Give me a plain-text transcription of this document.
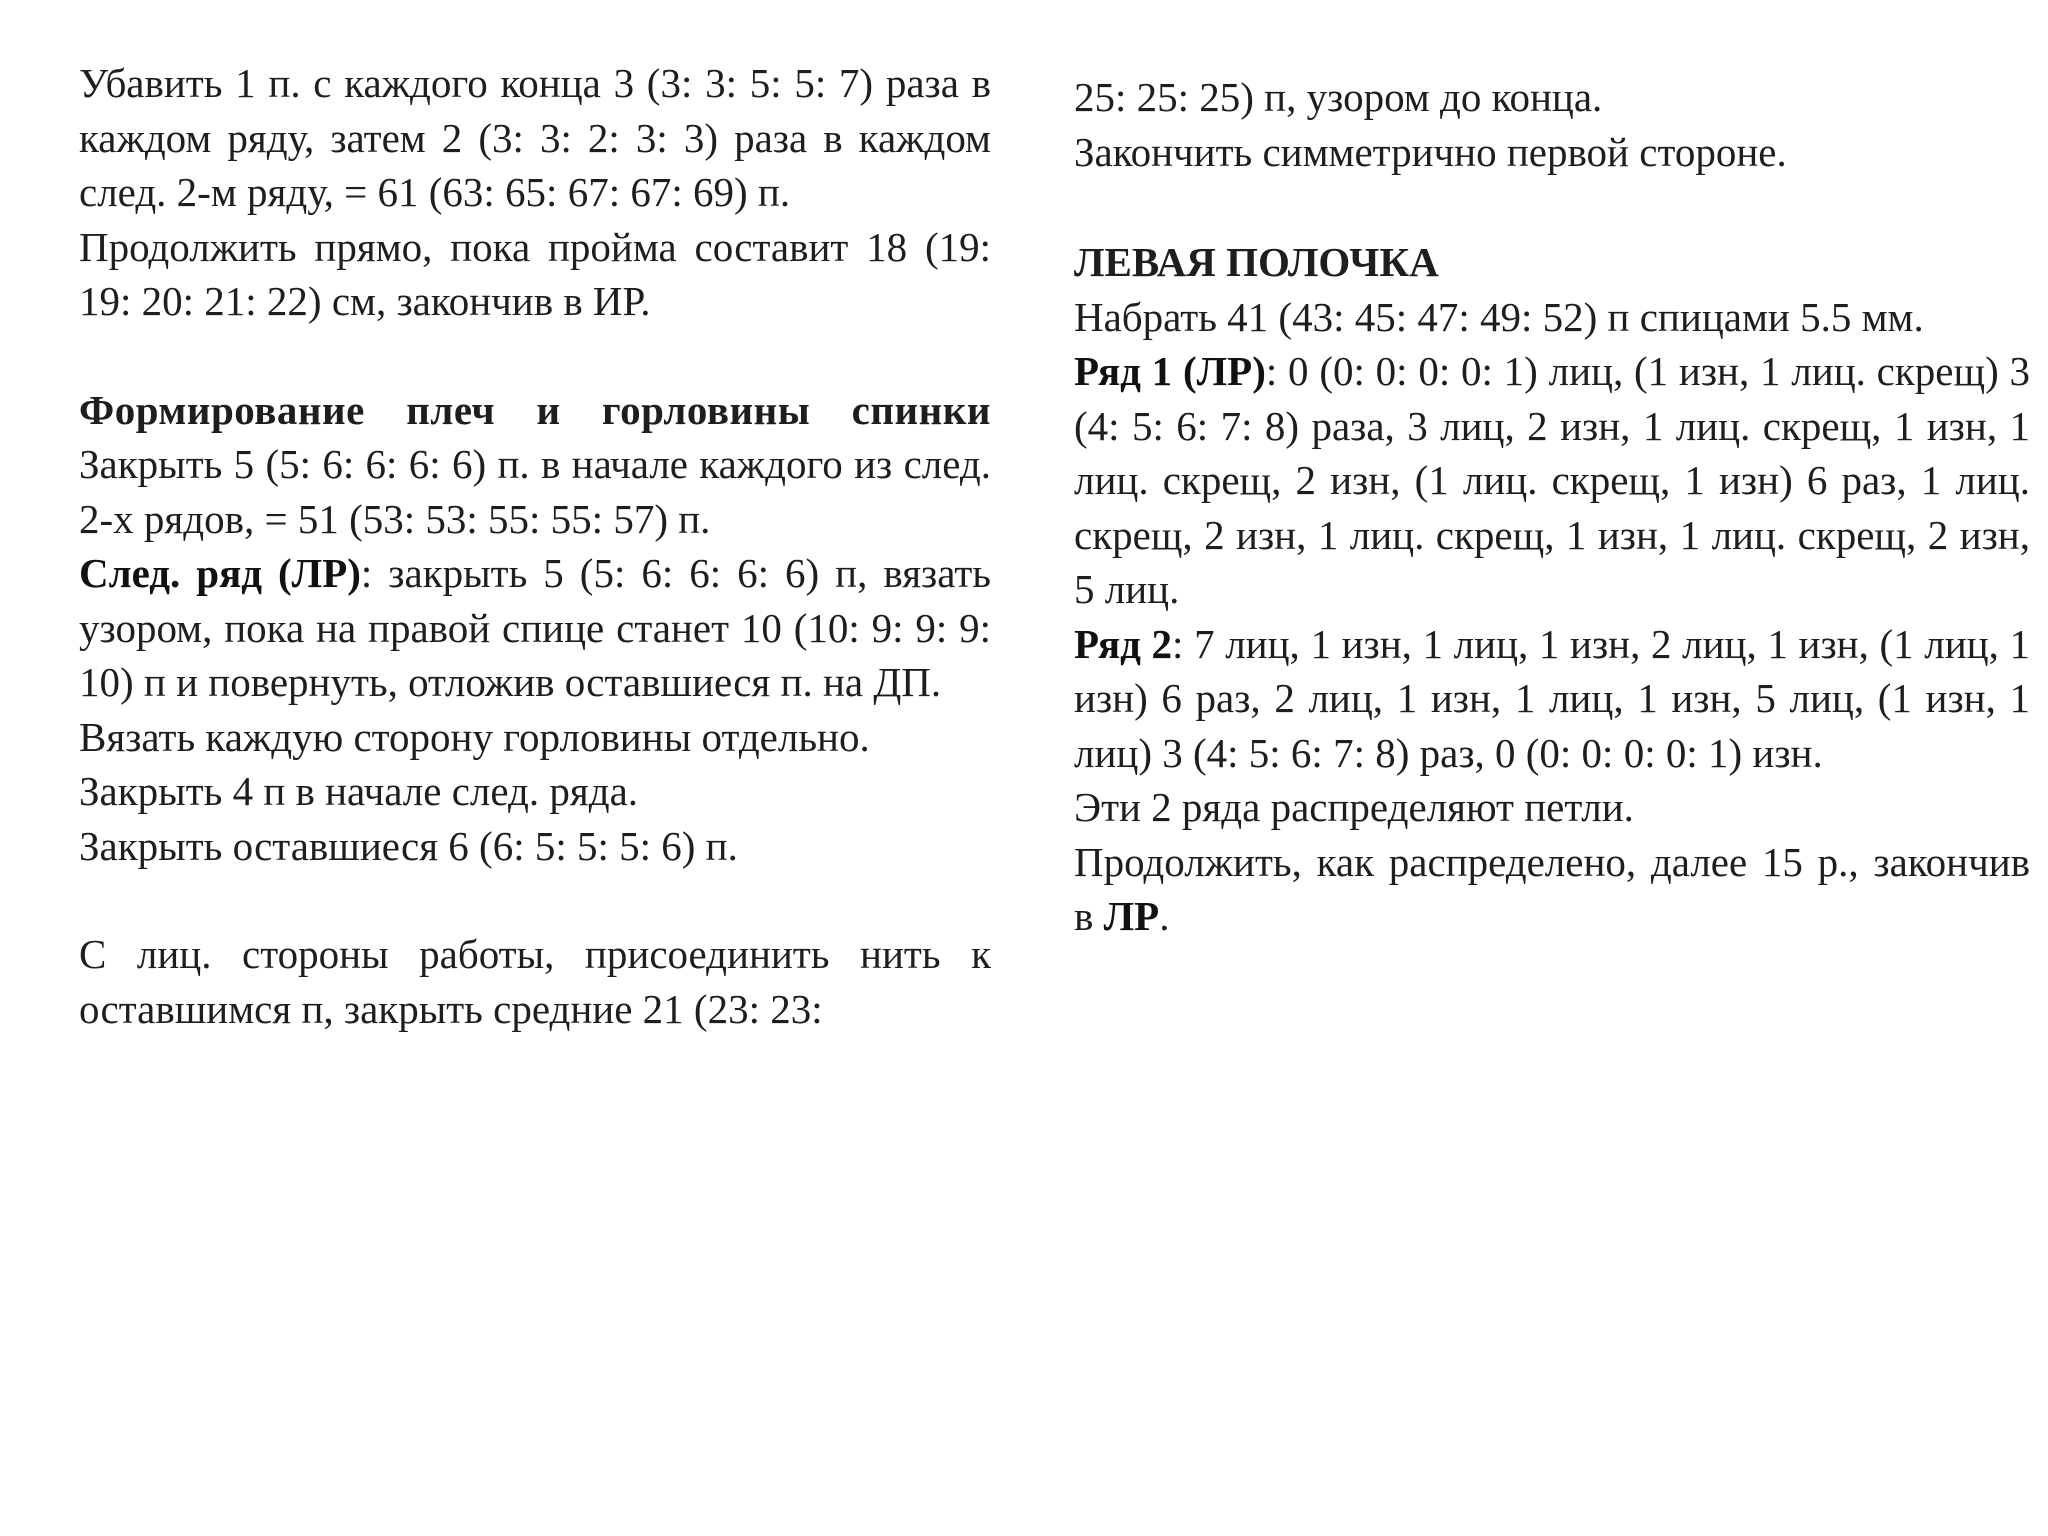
Убавить 1 п. с каждого конца 3 (3: 3: 5: 5: 7) раза в каждом ряду, затем 2 (3: 3: 2: 3: 3) раза в каждом след. 2-м ряду, = 61 (63: 65: 67: 67: 69) п.

Продолжить прямо, пока пройма составит 18 (19: 19: 20: 21: 22) см, закончив в ИР.

Формирование плеч и горловины спинки

Закрыть 5 (5: 6: 6: 6: 6) п. в начале каждого из след. 2-х рядов, = 51 (53: 53: 55: 55: 57) п.

След. ряд (ЛР): закрыть 5 (5: 6: 6: 6: 6) п, вязать узором, пока на правой спице станет 10 (10: 9: 9: 9: 10) п и повернуть, отложив оставшиеся п. на ДП.

Вязать каждую сторону горловины отдельно.

Закрыть 4 п в начале след. ряда.

Закрыть оставшиеся 6 (6: 5: 5: 5: 6) п.

С лиц. стороны работы, присоединить нить к оставшимся п, закрыть средние 21 (23: 23:

25: 25: 25) п, узором до конца.

Закончить симметрично первой стороне.

ЛЕВАЯ ПОЛОЧКА

Набрать 41 (43: 45: 47: 49: 52) п спицами 5.5 мм.

Ряд 1 (ЛР): 0 (0: 0: 0: 0: 1) лиц, (1 изн, 1 лиц. скрещ) 3 (4: 5: 6: 7: 8) раза, 3 лиц, 2 изн, 1 лиц. скрещ, 1 изн, 1 лиц. скрещ, 2 изн, (1 лиц. скрещ, 1 изн) 6 раз, 1 лиц. скрещ, 2 изн, 1 лиц. скрещ, 1 изн, 1 лиц. скрещ, 2 изн, 5 лиц.

Ряд 2: 7 лиц, 1 изн, 1 лиц, 1 изн, 2 лиц, 1 изн, (1 лиц, 1 изн) 6 раз, 2 лиц, 1 изн, 1 лиц, 1 изн, 5 лиц, (1 изн, 1 лиц) 3 (4: 5: 6: 7: 8) раз, 0 (0: 0: 0: 0: 1) изн.

Эти 2 ряда распределяют петли.

Продолжить, как распределено, далее 15 р., закончив в ЛР.
